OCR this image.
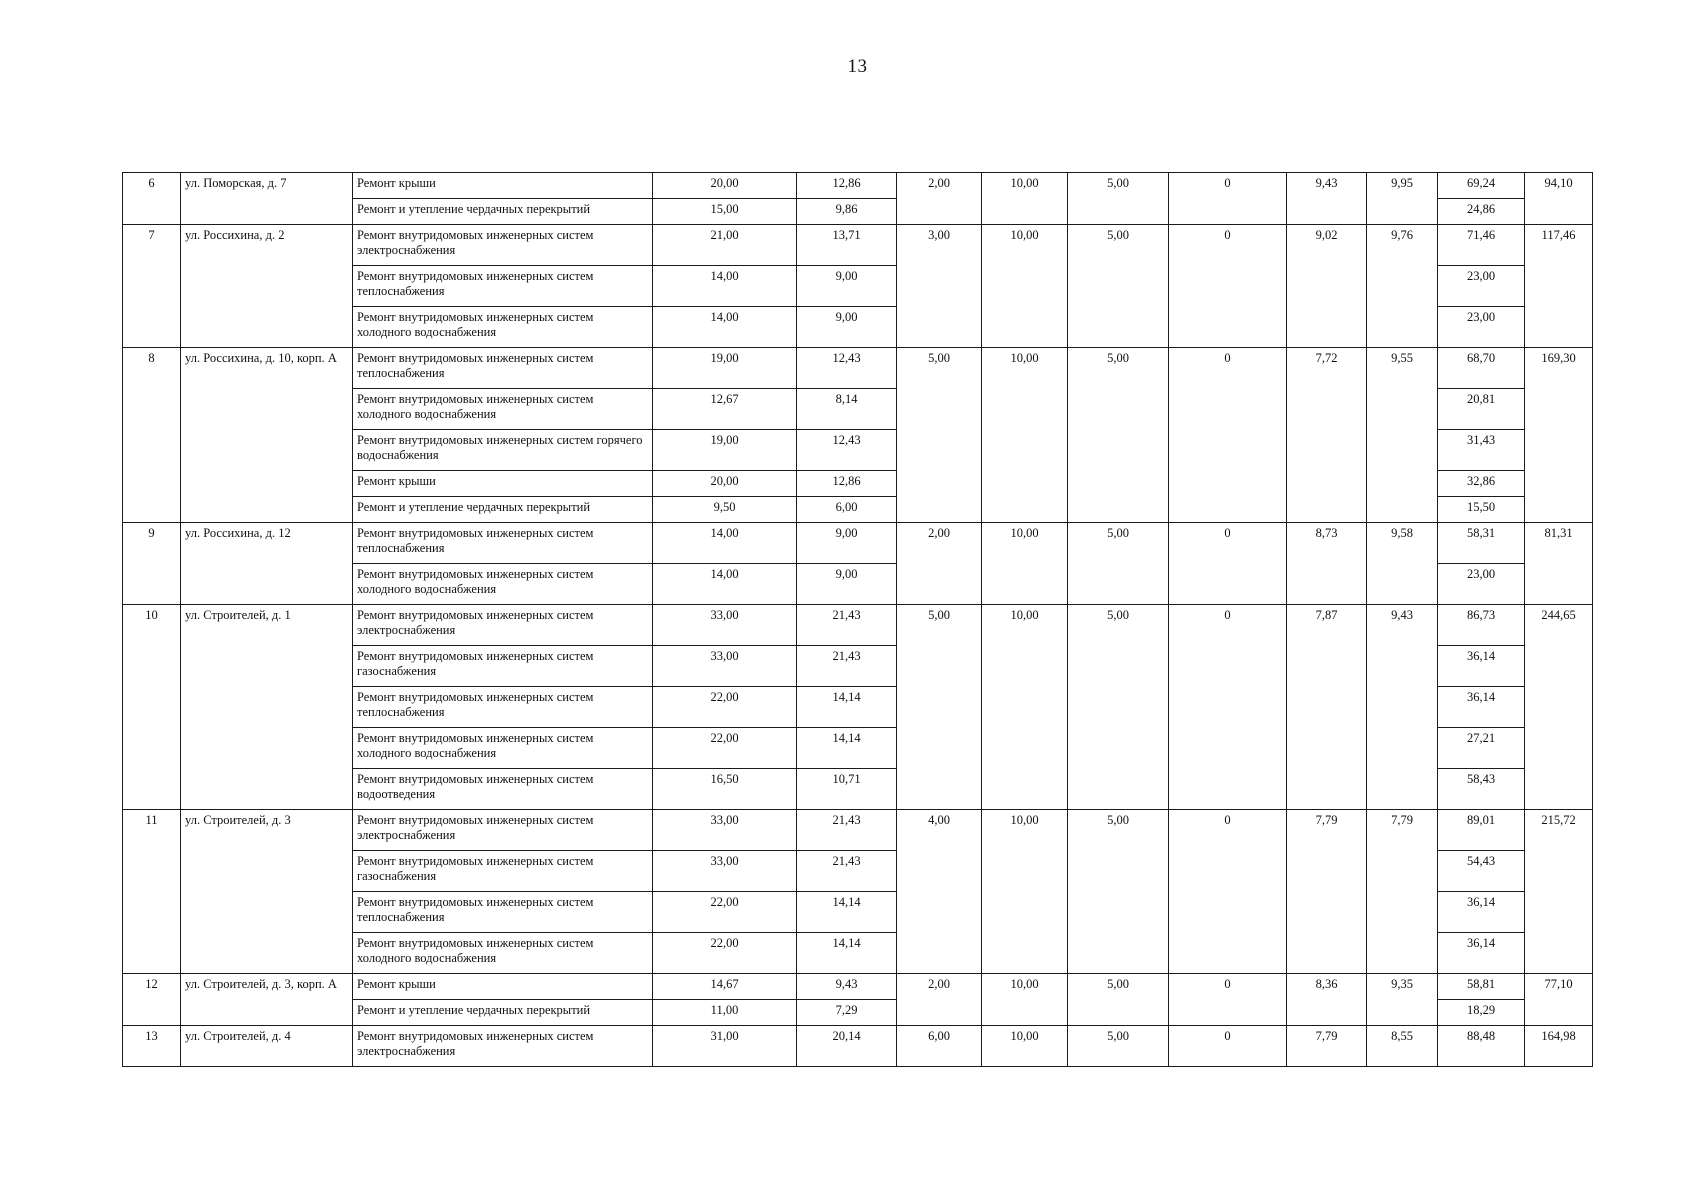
13
6	ул. Поморская, д. 7	Ремонт крыши	20,00	12,86	2,00	10,00	5,00	0	9,43	9,95	69,24	94,10
		Ремонт и утепление чердачных перекрытий	15,00	9,86							24,86	
7	ул. Россихина, д. 2	Ремонт внутридомовых инженерных систем электроснабжения	21,00	13,71	3,00	10,00	5,00	0	9,02	9,76	71,46	117,46
		Ремонт внутридомовых инженерных систем теплоснабжения	14,00	9,00							23,00	
		Ремонт внутридомовых инженерных систем холодного водоснабжения	14,00	9,00							23,00	
8	ул. Россихина, д. 10, корп. А	Ремонт внутридомовых инженерных систем теплоснабжения	19,00	12,43	5,00	10,00	5,00	0	7,72	9,55	68,70	169,30
		Ремонт внутридомовых инженерных систем холодного водоснабжения	12,67	8,14							20,81	
		Ремонт внутридомовых инженерных систем горячего водоснабжения	19,00	12,43							31,43	
		Ремонт крыши	20,00	12,86							32,86	
		Ремонт и утепление чердачных перекрытий	9,50	6,00							15,50	
9	ул. Россихина, д. 12	Ремонт внутридомовых инженерных систем теплоснабжения	14,00	9,00	2,00	10,00	5,00	0	8,73	9,58	58,31	81,31
		Ремонт внутридомовых инженерных систем холодного водоснабжения	14,00	9,00							23,00	
10	ул. Строителей, д. 1	Ремонт внутридомовых инженерных систем электроснабжения	33,00	21,43	5,00	10,00	5,00	0	7,87	9,43	86,73	244,65
		Ремонт внутридомовых инженерных систем газоснабжения	33,00	21,43							36,14	
		Ремонт внутридомовых инженерных систем теплоснабжения	22,00	14,14							36,14	
		Ремонт внутридомовых инженерных систем холодного водоснабжения	22,00	14,14							27,21	
		Ремонт внутридомовых инженерных систем водоотведения	16,50	10,71							58,43	
11	ул. Строителей, д. 3	Ремонт внутридомовых инженерных систем электроснабжения	33,00	21,43	4,00	10,00	5,00	0	7,79	7,79	89,01	215,72
		Ремонт внутридомовых инженерных систем газоснабжения	33,00	21,43							54,43	
		Ремонт внутридомовых инженерных систем теплоснабжения	22,00	14,14							36,14	
		Ремонт внутридомовых инженерных систем холодного водоснабжения	22,00	14,14							36,14	
12	ул. Строителей, д. 3, корп. А	Ремонт крыши	14,67	9,43	2,00	10,00	5,00	0	8,36	9,35	58,81	77,10
		Ремонт и утепление чердачных перекрытий	11,00	7,29							18,29	
13	ул. Строителей, д. 4	Ремонт внутридомовых инженерных систем электроснабжения	31,00	20,14	6,00	10,00	5,00	0	7,79	8,55	88,48	164,98
